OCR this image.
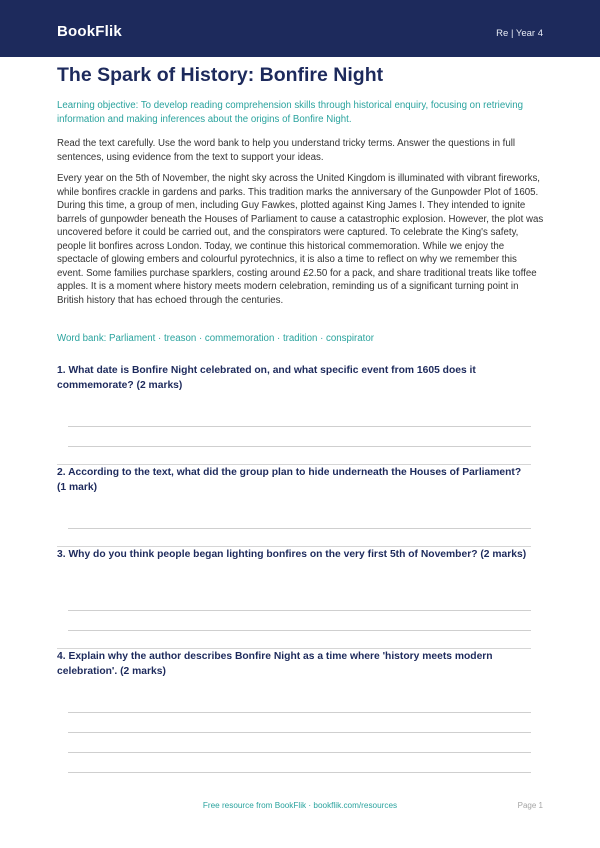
BookFlik	Re | Year 4
The Spark of History: Bonfire Night
Learning objective: To develop reading comprehension skills through historical enquiry, focusing on retrieving information and making inferences about the origins of Bonfire Night.
Read the text carefully. Use the word bank to help you understand tricky terms. Answer the questions in full sentences, using evidence from the text to support your ideas.
Every year on the 5th of November, the night sky across the United Kingdom is illuminated with vibrant fireworks, while bonfires crackle in gardens and parks. This tradition marks the anniversary of the Gunpowder Plot of 1605. During this time, a group of men, including Guy Fawkes, plotted against King James I. They intended to ignite barrels of gunpowder beneath the Houses of Parliament to cause a catastrophic explosion. However, the plot was uncovered before it could be carried out, and the conspirators were captured. To celebrate the King's safety, people lit bonfires across London. Today, we continue this historical commemoration. While we enjoy the spectacle of glowing embers and colourful pyrotechnics, it is also a time to reflect on why we remember this event. Some families purchase sparklers, costing around £2.50 for a pack, and share traditional treats like toffee apples. It is a moment where history meets modern celebration, reminding us of a significant turning point in British history that has echoed through the centuries.
Word bank: Parliament · treason · commemoration · tradition · conspirator
1. What date is Bonfire Night celebrated on, and what specific event from 1605 does it commemorate? (2 marks)
2. According to the text, what did the group plan to hide underneath the Houses of Parliament? (1 mark)
3. Why do you think people began lighting bonfires on the very first 5th of November? (2 marks)
4. Explain why the author describes Bonfire Night as a time where 'history meets modern celebration'. (2 marks)
Free resource from BookFlik · bookflik.com/resources	Page 1
